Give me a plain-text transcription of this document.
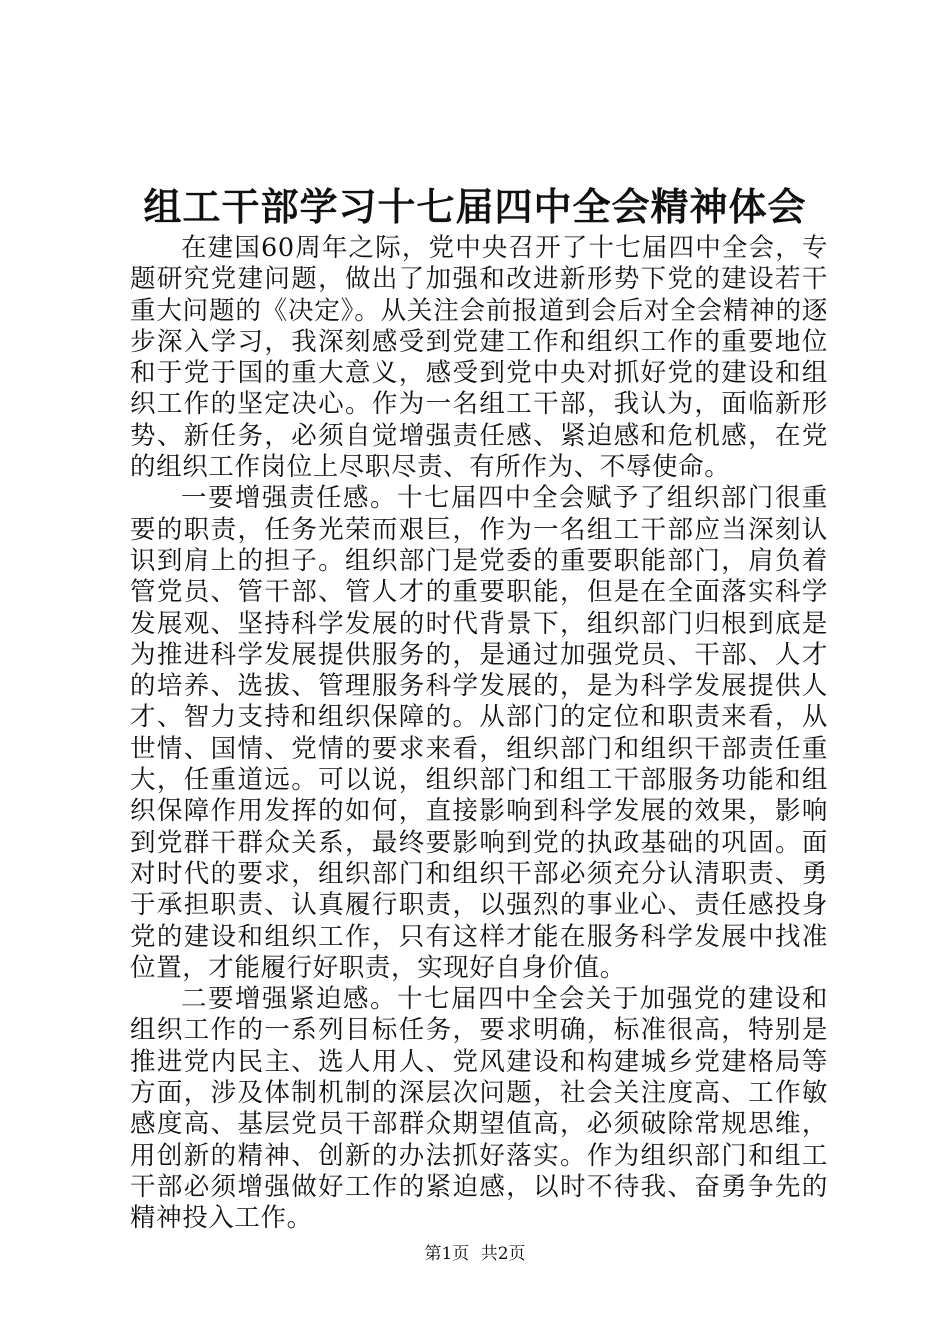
组工干部学习十七届四中全会精神体会

在建国60周年之际，党中央召开了十七届四中全会，专题研究党建问题，做出了加强和改进新形势下党的建设若干重大问题的《决定》。从关注会前报道到会后对全会精神的逐步深入学习，我深刻感受到党建工作和组织工作的重要地位和于党于国的重大意义，感受到党中央对抓好党的建设和组织工作的坚定决心。作为一名组工干部，我认为，面临新形势、新任务，必须自觉增强责任感、紧迫感和危机感，在党的组织工作岗位上尽职尽责、有所作为、不辱使命。

一要增强责任感。十七届四中全会赋予了组织部门很重要的职责，任务光荣而艰巨，作为一名组工干部应当深刻认识到肩上的担子。组织部门是党委的重要职能部门，肩负着管党员、管干部、管人才的重要职能，但是在全面落实科学发展观、坚持科学发展的时代背景下，组织部门归根到底是为推进科学发展提供服务的，是通过加强党员、干部、人才的培养、选拔、管理服务科学发展的，是为科学发展提供人才、智力支持和组织保障的。从部门的定位和职责来看，从世情、国情、党情的要求来看，组织部门和组织干部责任重大，任重道远。可以说，组织部门和组工干部服务功能和组织保障作用发挥的如何，直接影响到科学发展的效果，影响到党群干群众关系，最终要影响到党的执政基础的巩固。面对时代的要求，组织部门和组织干部必须充分认清职责、勇于承担职责、认真履行职责，以强烈的事业心、责任感投身党的建设和组织工作，只有这样才能在服务科学发展中找准位置，才能履行好职责，实现好自身价值。

二要增强紧迫感。十七届四中全会关于加强党的建设和组织工作的一系列目标任务，要求明确，标准很高，特别是推进党内民主、选人用人、党风建设和构建城乡党建格局等方面，涉及体制机制的深层次问题，社会关注度高、工作敏感度高、基层党员干部群众期望值高，必须破除常规思维，用创新的精神、创新的办法抓好落实。作为组织部门和组工干部必须增强做好工作的紧迫感，以时不待我、奋勇争先的精神投入工作。

第1页 共2页
